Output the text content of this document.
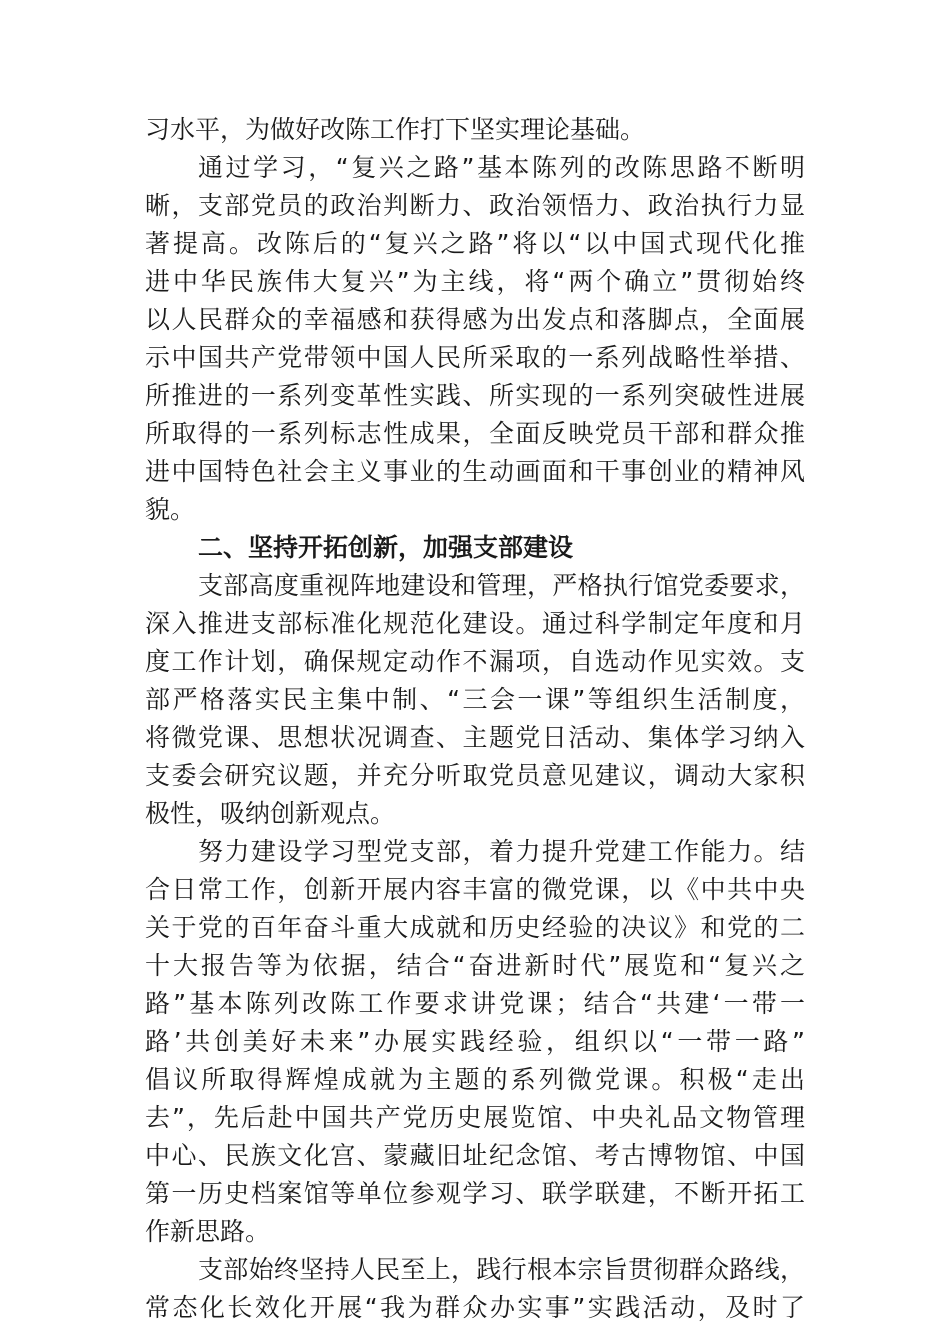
习水平，为做好改陈工作打下坚实理论基础。
通过学习，“复兴之路”基本陈列的改陈思路不断明
晰，支部党员的政治判断力、政治领悟力、政治执行力显
著提高。改陈后的“复兴之路”将以“以中国式现代化推
进中华民族伟大复兴”为主线，将“两个确立”贯彻始终
以人民群众的幸福感和获得感为出发点和落脚点，全面展
示中国共产党带领中国人民所采取的一系列战略性举措、
所推进的一系列变革性实践、所实现的一系列突破性进展
所取得的一系列标志性成果，全面反映党员干部和群众推
进中国特色社会主义事业的生动画面和干事创业的精神风
貌。
二、坚持开拓创新，加强支部建设
支部高度重视阵地建设和管理，严格执行馆党委要求，
深入推进支部标准化规范化建设。通过科学制定年度和月
度工作计划，确保规定动作不漏项，自选动作见实效。支
部严格落实民主集中制、“三会一课”等组织生活制度，
将微党课、思想状况调查、主题党日活动、集体学习纳入
支委会研究议题，并充分听取党员意见建议，调动大家积
极性，吸纳创新观点。
努力建设学习型党支部，着力提升党建工作能力。结
合日常工作，创新开展内容丰富的微党课，以《中共中央
关于党的百年奋斗重大成就和历史经验的决议》和党的二
十大报告等为依据，结合“奋进新时代”展览和“复兴之
路”基本陈列改陈工作要求讲党课；结合“共建‘一带一
路’共创美好未来”办展实践经验，组织以“一带一路”
倡议所取得辉煌成就为主题的系列微党课。积极“走出
去”，先后赴中国共产党历史展览馆、中央礼品文物管理
中心、民族文化宫、蒙藏旧址纪念馆、考古博物馆、中国
第一历史档案馆等单位参观学习、联学联建，不断开拓工
作新思路。
支部始终坚持人民至上，践行根本宗旨贯彻群众路线，
常态化长效化开展“我为群众办实事”实践活动，及时了
